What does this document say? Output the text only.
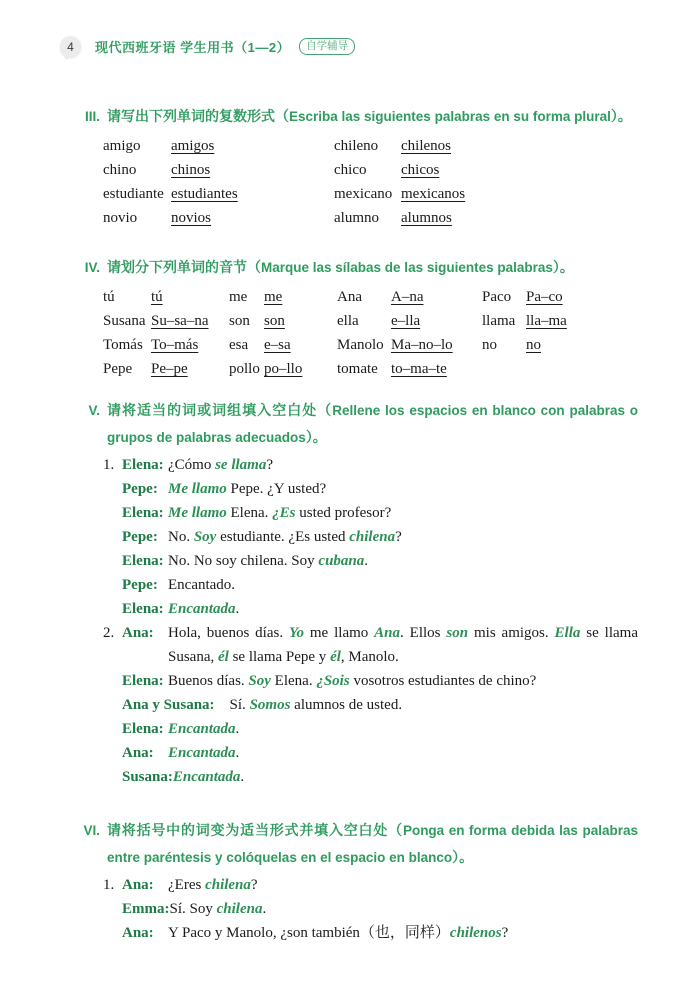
4 现代西班牙语 学生用书（1—2）	自学辅导
III. 请写出下列单词的复数形式（Escriba las siguientes palabras en su forma plural）。
amigo	amigos	chileno	chilenos
chino	chinos	chico	chicos
estudiante estudiantes	mexicano mexicanos
novio	novios	alumno	alumnos
IV. 请划分下列单词的音节（Marque las sílabas de las siguientes palabras）。
tú	tú	me	me	Ana	A–na	Paco Pa–co
Susana Su–sa–na	son son	ella	e–lla	llama lla–ma
Tomás To–más	esa	e–sa	Manolo Ma–no–lo	no	no
Pepe	Pe–pe	pollo po–llo	tomate to–ma–te
V. 请将适当的词或词组填入空白处（Rellene los espacios en blanco con palabras o grupos de palabras adecuados）。
1. Elena: ¿Cómo se llama?
Pepe: Me llamo Pepe. ¿Y usted?
Elena: Me llamo Elena. ¿Es usted profesor?
Pepe: No. Soy estudiante. ¿Es usted chilena?
Elena: No. No soy chilena. Soy cubana.
Pepe: Encantado.
Elena: Encantada.
2. Ana: Hola, buenos días. Yo me llamo Ana. Ellos son mis amigos. Ella se llama Susana, él se llama Pepe y él, Manolo.
Elena: Buenos días. Soy Elena. ¿Sois vosotros estudiantes de chino?
Ana y Susana: Sí. Somos alumnos de usted.
Elena: Encantada.
Ana: Encantada.
Susana: Encantada.
VI. 请将括号中的词变为适当形式并填入空白处（Ponga en forma debida las palabras entre paréntesis y colóquelas en el espacio en blanco）。
1. Ana: ¿Eres chilena?
Emma: Sí. Soy chilena.
Ana: Y Paco y Manolo, ¿son también（也，同样）chilenos?
